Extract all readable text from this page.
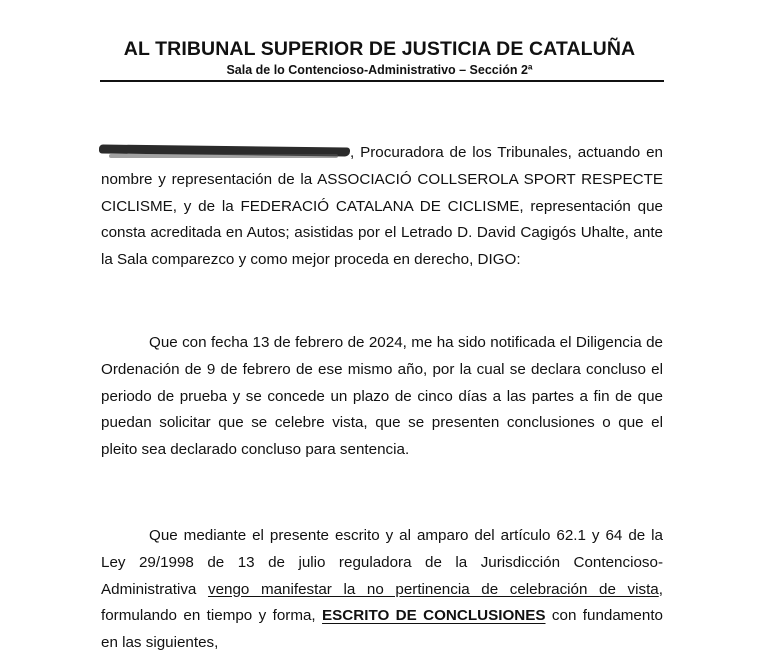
AL TRIBUNAL SUPERIOR DE JUSTICIA DE CATALUÑA
Sala de lo Contencioso-Administrativo – Sección 2ª

, Procuradora de los Tribunales, actuando en nombre y representación de la ASSOCIACIÓ COLLSEROLA SPORT RESPECTE CICLISME, y de la FEDERACIÓ CATALANA DE CICLISME, representación que consta acreditada en Autos; asistidas por el Letrado D. David Cagigós Uhalte, ante la Sala comparezco y como mejor proceda en derecho, DIGO:

Que con fecha 13 de febrero de 2024, me ha sido notificada el Diligencia de Ordenación de 9 de febrero de ese mismo año, por la cual se declara concluso el periodo de prueba y se concede un plazo de cinco días a las partes a fin de que puedan solicitar que se celebre vista, que se presenten conclusiones o que el pleito sea declarado concluso para sentencia.

Que mediante el presente escrito y al amparo del artículo 62.1 y 64 de la Ley 29/1998 de 13 de julio reguladora de la Jurisdicción Contencioso-Administrativa vengo manifestar la no pertinencia de celebración de vista, formulando en tiempo y forma, ESCRITO DE CONCLUSIONES con fundamento en las siguientes,
